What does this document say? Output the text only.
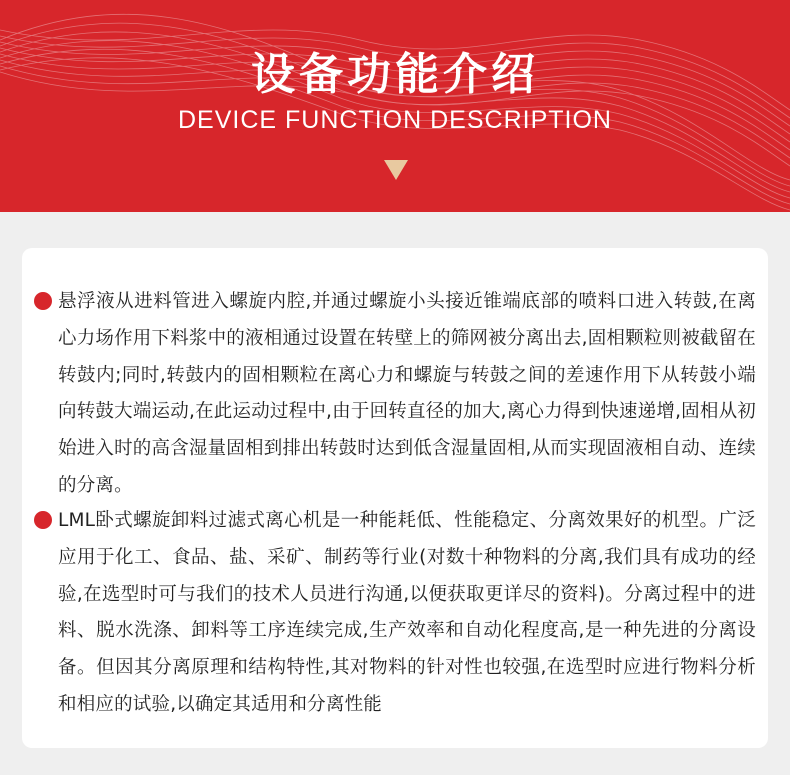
设备功能介绍
DEVICE FUNCTION DESCRIPTION

悬浮液从进料管进入螺旋内腔,并通过螺旋小头接近锥端底部的喷料口进入转鼓,在离心力场作用下料浆中的液相通过设置在转壁上的筛网被分离出去,固相颗粒则被截留在转鼓内;同时,转鼓内的固相颗粒在离心力和螺旋与转鼓之间的差速作用下从转鼓小端向转鼓大端运动,在此运动过程中,由于回转直径的加大,离心力得到快速递增,固相从初始进入时的高含湿量固相到排出转鼓时达到低含湿量固相,从而实现固液相自动、连续的分离。

LML卧式螺旋卸料过滤式离心机是一种能耗低、性能稳定、分离效果好的机型。广泛应用于化工、食品、盐、采矿、制药等行业(对数十种物料的分离,我们具有成功的经验,在选型时可与我们的技术人员进行沟通,以便获取更详尽的资料)。分离过程中的进料、脱水洗涤、卸料等工序连续完成,生产效率和自动化程度高,是一种先进的分离设备。但因其分离原理和结构特性,其对物料的针对性也较强,在选型时应进行物料分析和相应的试验,以确定其适用和分离性能
